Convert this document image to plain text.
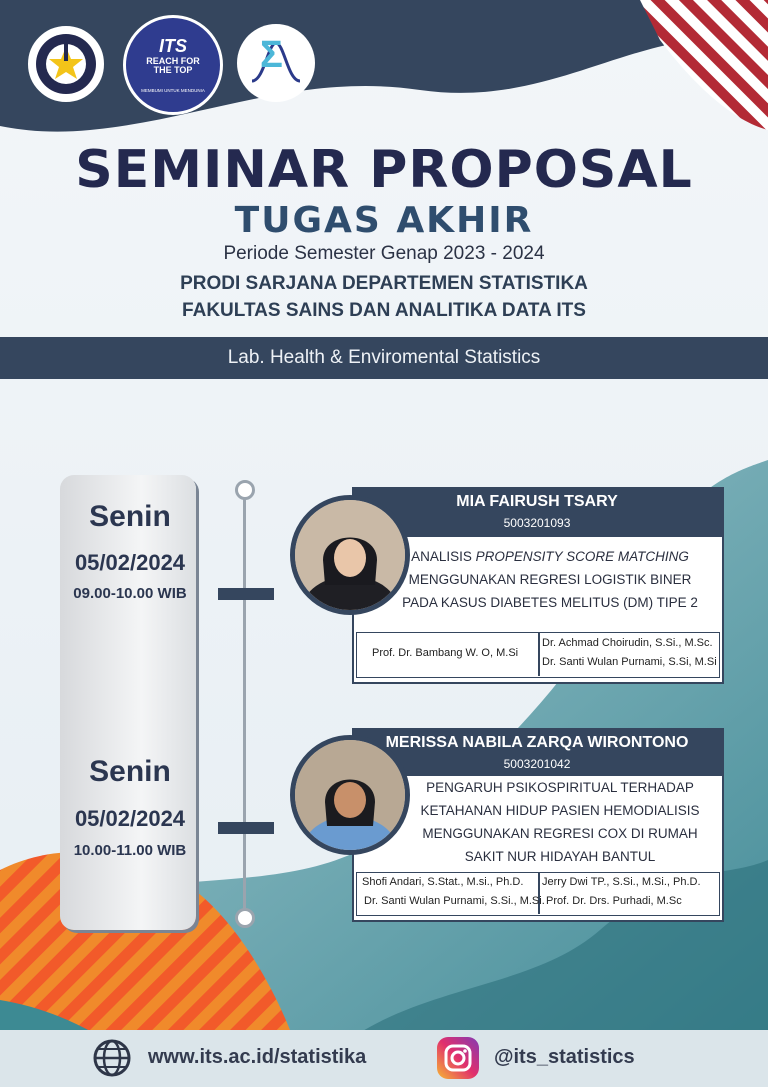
ITS
REACH FOR
THE TOP
MEMBUMI UNTUK MENDUNIA
Σ
SEMINAR PROPOSAL
TUGAS AKHIR
Periode Semester Genap 2023 - 2024
PRODI SARJANA DEPARTEMEN STATISTIKA
FAKULTAS SAINS DAN ANALITIKA DATA ITS
Lab. Health & Enviromental Statistics
Senin
05/02/2024
09.00-10.00 WIB
Senin
05/02/2024
10.00-11.00 WIB
MIA FAIRUSH TSARY
5003201093
ANALISIS PROPENSITY SCORE MATCHING
MENGGUNAKAN REGRESI LOGISTIK BINER
PADA KASUS DIABETES MELITUS (DM) TIPE 2
Prof. Dr. Bambang W. O, M.Si
Dr. Achmad Choirudin, S.Si., M.Sc.
Dr. Santi Wulan Purnami, S.Si, M.Si
MERISSA NABILA ZARQA WIRONTONO
5003201042
PENGARUH PSIKOSPIRITUAL TERHADAP
KETAHANAN HIDUP PASIEN HEMODIALISIS
MENGGUNAKAN REGRESI COX DI RUMAH
SAKIT NUR HIDAYAH BANTUL
Shofi Andari, S.Stat., M.si., Ph.D.
Dr. Santi Wulan Purnami, S.Si., M.Si.
Jerry Dwi TP., S.Si., M.Si., Ph.D.
Prof. Dr. Drs. Purhadi, M.Sc
www.its.ac.id/statistika	@its_statistics
